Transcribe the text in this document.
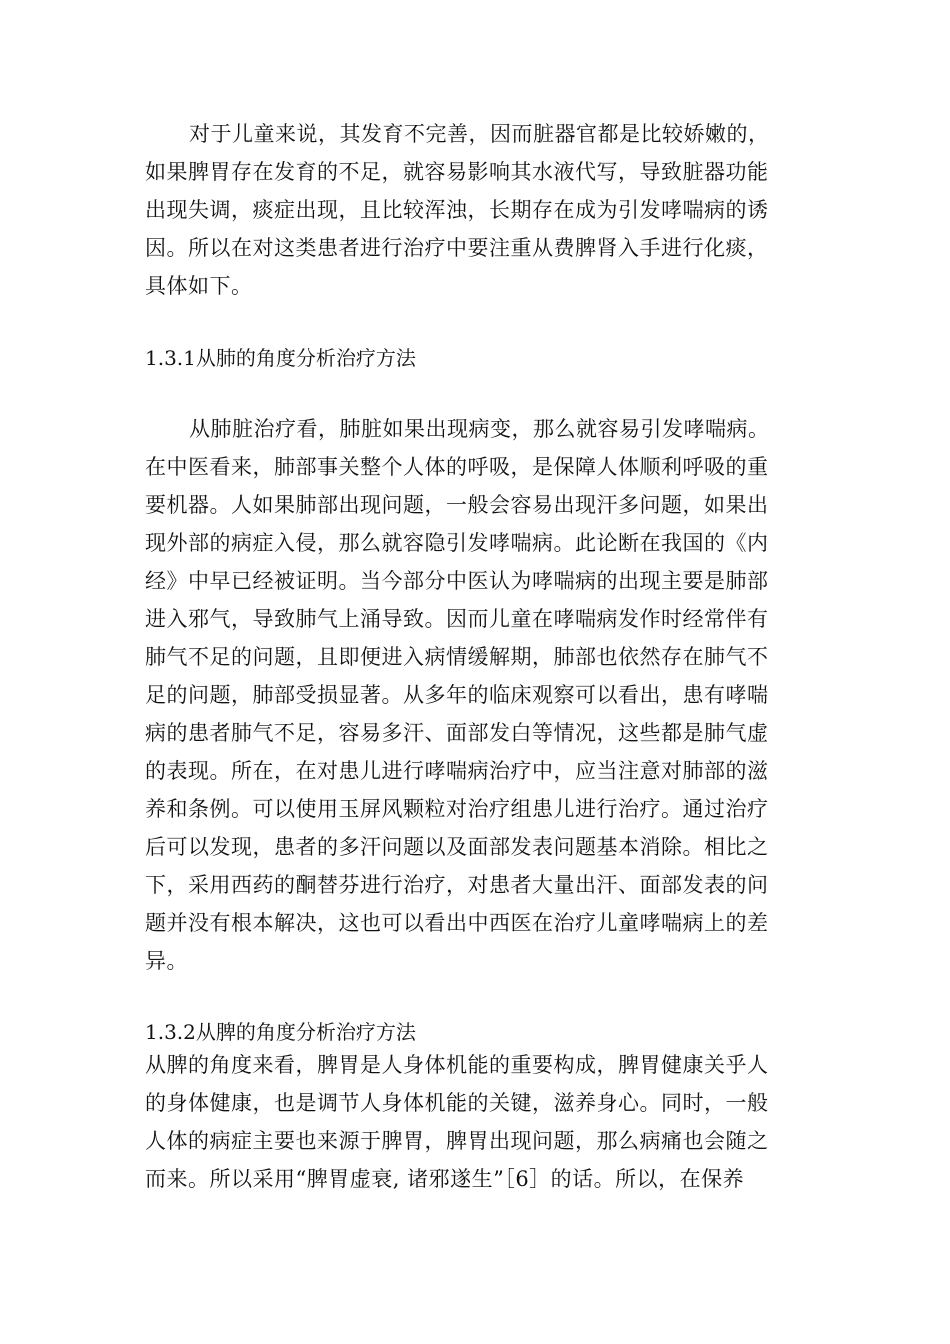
对于儿童来说，其发育不完善，因而脏器官都是比较娇嫩的，
如果脾胃存在发育的不足，就容易影响其水液代写，导致脏器功能
出现失调，痰症出现，且比较浑浊，长期存在成为引发哮喘病的诱
因。所以在对这类患者进行治疗中要注重从费脾肾入手进行化痰，
具体如下。
1.3.1从肺的角度分析治疗方法
从肺脏治疗看，肺脏如果出现病变，那么就容易引发哮喘病。
在中医看来，肺部事关整个人体的呼吸，是保障人体顺利呼吸的重
要机器。人如果肺部出现问题，一般会容易出现汗多问题，如果出
现外部的病症入侵，那么就容隐引发哮喘病。此论断在我国的《内
经》中早已经被证明。当今部分中医认为哮喘病的出现主要是肺部
进入邪气，导致肺气上涌导致。因而儿童在哮喘病发作时经常伴有
肺气不足的问题，且即便进入病情缓解期，肺部也依然存在肺气不
足的问题，肺部受损显著。从多年的临床观察可以看出，患有哮喘
病的患者肺气不足，容易多汗、面部发白等情况，这些都是肺气虚
的表现。所在，在对患儿进行哮喘病治疗中，应当注意对肺部的滋
养和条例。可以使用玉屏风颗粒对治疗组患儿进行治疗。通过治疗
后可以发现，患者的多汗问题以及面部发表问题基本消除。相比之
下，采用西药的酮替芬进行治疗，对患者大量出汗、面部发表的问
题并没有根本解决，这也可以看出中西医在治疗儿童哮喘病上的差
异。
1.3.2从脾的角度分析治疗方法
从脾的角度来看，脾胃是人身体机能的重要构成，脾胃健康关乎人
的身体健康，也是调节人身体机能的关键，滋养身心。同时，一般
人体的病症主要也来源于脾胃，脾胃出现问题，那么病痛也会随之
而来。所以采用“脾胃虚衰, 诸邪遂生”［6］的话。所以，在保养
